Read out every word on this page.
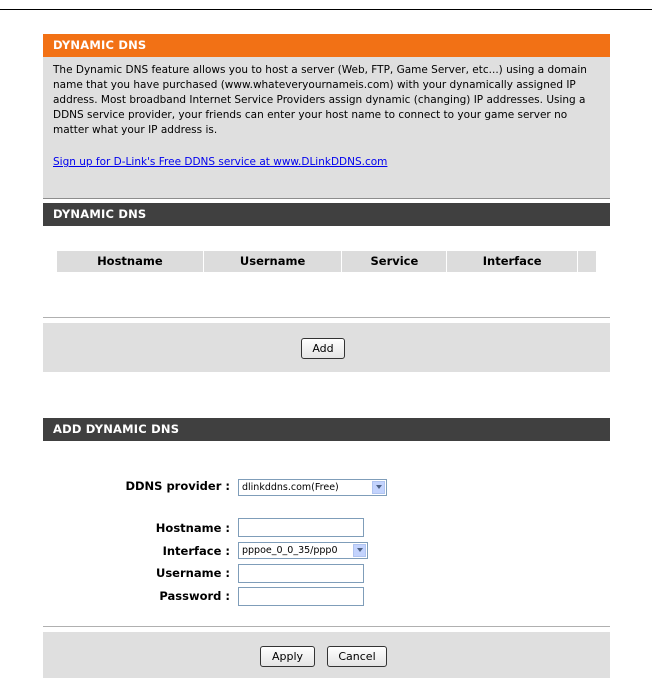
DYNAMIC DNS
The Dynamic DNS feature allows you to host a server (Web, FTP, Game Server, etc...) using a domain name that you have purchased (www.whateveryournameis.com) with your dynamically assigned IP address. Most broadband Internet Service Providers assign dynamic (changing) IP addresses. Using a DDNS service provider, your friends can enter your host name to connect to your game server no matter what your IP address is.
Sign up for D-Link's Free DDNS service at www.DLinkDDNS.com
DYNAMIC DNS
Hostname	Username	Service	Interface
Add
ADD DYNAMIC DNS
DDNS provider :	dlinkddns.com(Free)
Hostname :
Interface :	pppoe_0_0_35/ppp0
Username :
Password :
Apply	Cancel
